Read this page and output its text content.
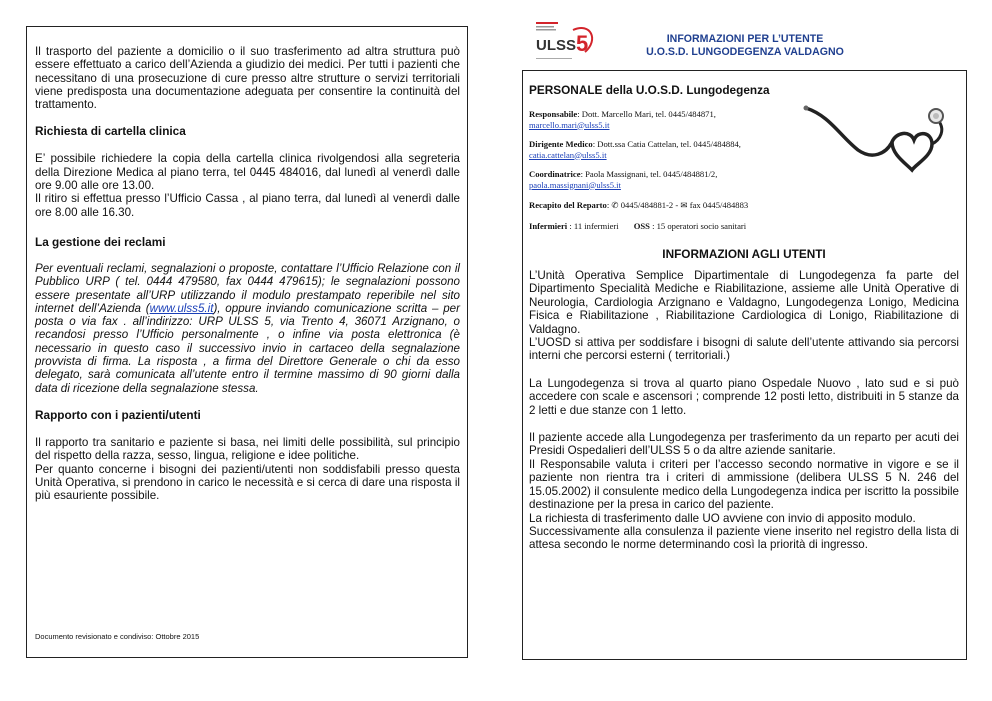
Il trasporto del paziente a domicilio o il suo trasferimento ad altra struttura può essere effettuato a carico dell’Azienda a giudizio dei medici. Per tutti i pazienti che necessitano di una prosecuzione di cure presso altre strutture o servizi territoriali viene predisposta una documentazione adeguata per consentire la continuità del trattamento.

Richiesta di cartella clinica

E’ possibile richiedere la copia della cartella clinica rivolgendosi alla segreteria della Direzione Medica al piano terra, tel 0445 484016, dal lunedì al venerdì dalle ore 9.00 alle ore 13.00.

Il ritiro si effettua presso l’Ufficio Cassa , al piano terra, dal lunedì al venerdì dalle ore 8.00 alle 16.30.

La gestione dei reclami

Per eventuali reclami, segnalazioni o proposte, contattare l’Ufficio Relazione con il Pubblico URP ( tel. 0444 479580, fax 0444 479615); le segnalazioni possono essere presentate all’URP utilizzando il modulo prestampato reperibile nel sito internet dell’Azienda (www.ulss5.it), oppure inviando comunicazione scritta – per posta o via fax . all’indirizzo: URP ULSS 5, via Trento 4, 36071 Arzignano, o recandosi presso l’Ufficio personalmente , o infine via posta elettronica (è necessario in questo caso il successivo invio in cartaceo della segnalazione provvista di firma. La risposta , a firma del Direttore Generale o chi da esso delegato, sarà comunicata all’utente entro il termine massimo di 90 giorni dalla data di ricezione della segnalazione stessa.

Rapporto con i pazienti/utenti

Il rapporto tra sanitario e paziente si basa, nei limiti delle possibilità, sul principio del rispetto della razza, sesso, lingua, religione e idee politiche.

Per quanto concerne i bisogni dei pazienti/utenti non soddisfabili presso questa Unità Operativa, si prendono in carico le necessità e si cerca di dare una risposta il più esauriente possibile.

Documento revisionato e condiviso: Ottobre 2015
ULSS 5	INFORMAZIONI PER L’UTENTE
U.O.S.D. LUNGODEGENZA VALDAGNO

PERSONALE della U.O.S.D. Lungodegenza

Responsabile: Dott. Marcello Mari, tel. 0445/484871,

marcello.mari@ulss5.it

Dirigente Medico: Dott.ssa Catia Cattelan, tel. 0445/484884,

catia.cattelan@ulss5.it

Coordinatrice: Paola Massignani, tel. 0445/484881/2,

paola.massignani@ulss5.it

Recapito del Reparto: ✆ 0445/484881-2 - ✉ fax 0445/484883

Infermieri : 11 infermieri OSS : 15 operatori socio sanitari

INFORMAZIONI AGLI UTENTI

L’Unità Operativa Semplice Dipartimentale di Lungodegenza fa parte del Dipartimento Specialità Mediche e Riabilitazione, assieme alle Unità Operative di Neurologia, Cardiologia Arzignano e Valdagno, Lungodegenza Lonigo, Medicina Fisica e Riabilitazione , Riabilitazione Cardiologica di Lonigo, Riabilitazione di Valdagno.

L’UOSD si attiva per soddisfare i bisogni di salute dell’utente attivando sia percorsi interni che percorsi esterni ( territoriali.)

La Lungodegenza si trova al quarto piano Ospedale Nuovo , lato sud e si può accedere con scale e ascensori ; comprende 12 posti letto, distribuiti in 5 stanze da 2 letti e due stanze con 1 letto.

Il paziente accede alla Lungodegenza per trasferimento da un reparto per acuti dei Presidi Ospedalieri dell’ULSS 5 o da altre aziende sanitarie.

Il Responsabile valuta i criteri per l’accesso secondo normative in vigore e se il paziente non rientra tra i criteri di ammissione (delibera ULSS 5 N. 246 del 15.05.2002) il consulente medico della Lungodegenza indica per iscritto la possibile destinazione per la presa in carico del paziente.

La richiesta di trasferimento dalle UO avviene con invio di apposito modulo.

Successivamente alla consulenza il paziente viene inserito nel registro della lista di attesa secondo le norme determinando così la priorità di ingresso.
